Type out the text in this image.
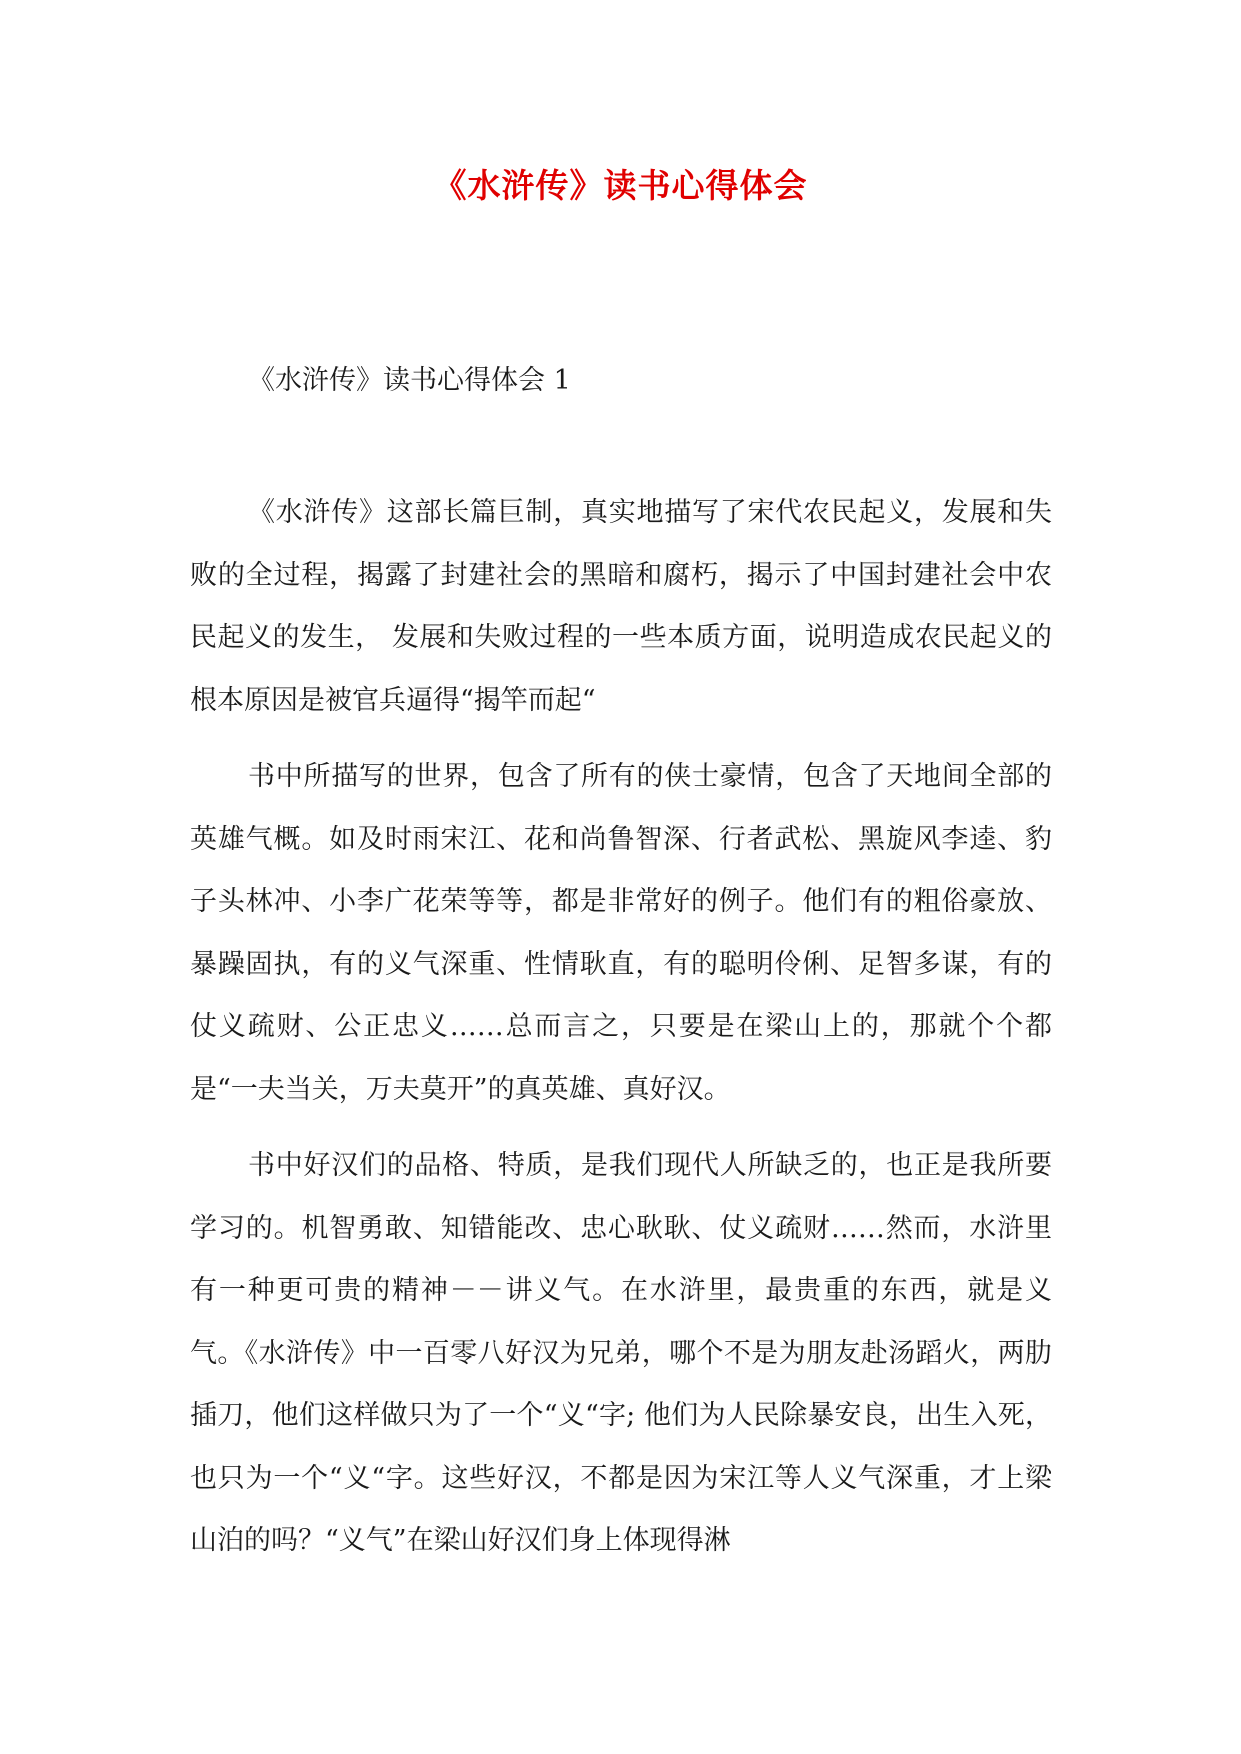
《水浒传》读书心得体会
《水浒传》读书心得体会 1

《水浒传》这部长篇巨制，真实地描写了宋代农民起义，发展和失败的全过程，揭露了封建社会的黑暗和腐朽，揭示了中国封建社会中农民起义的发生， 发展和失败过程的一些本质方面，说明造成农民起义的根本原因是被官兵逼得“揭竿而起“

书中所描写的世界，包含了所有的侠士豪情，包含了天地间全部的英雄气概。如及时雨宋江、花和尚鲁智深、行者武松、黑旋风李逵、豹子头林冲、小李广花荣等等，都是非常好的例子。他们有的粗俗豪放、暴躁固执，有的义气深重、性情耿直，有的聪明伶俐、足智多谋，有的仗义疏财、公正忠义……总而言之，只要是在梁山上的，那就个个都是“一夫当关，万夫莫开”的真英雄、真好汉。

书中好汉们的品格、特质，是我们现代人所缺乏的，也正是我所要学习的。机智勇敢、知错能改、忠心耿耿、仗义疏财……然而，水浒里有一种更可贵的精神－－讲义气。在水浒里，最贵重的东西，就是义气。《水浒传》中一百零八好汉为兄弟，哪个不是为朋友赴汤蹈火，两肋插刀，他们这样做只为了一个“义“字; 他们为人民除暴安良，出生入死，也只为一个“义“字。这些好汉，不都是因为宋江等人义气深重，才上梁山泊的吗？“义气”在梁山好汉们身上体现得淋
